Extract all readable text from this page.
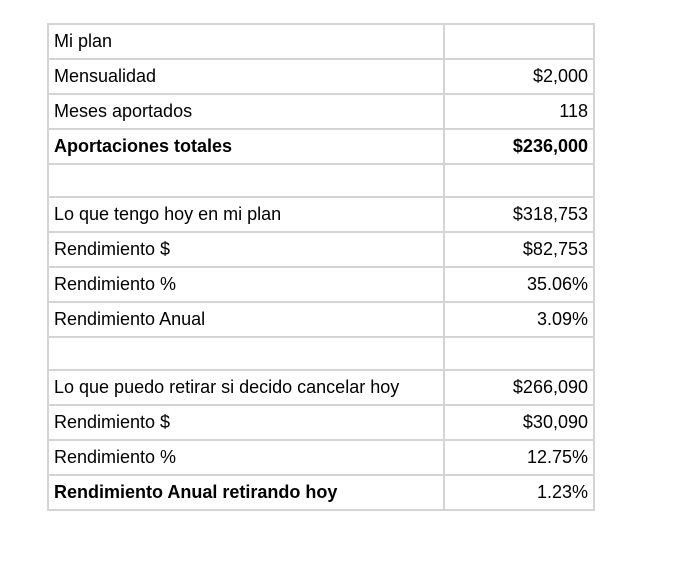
Mi plan	
Mensualidad	$2,000
Meses aportados	118
Aportaciones totales	$236,000

Lo que tengo hoy en mi plan	$318,753
Rendimiento $	$82,753
Rendimiento %	35.06%
Rendimiento Anual	3.09%

Lo que puedo retirar si decido cancelar hoy	$266,090
Rendimiento $	$30,090
Rendimiento %	12.75%
Rendimiento Anual retirando hoy	1.23%
